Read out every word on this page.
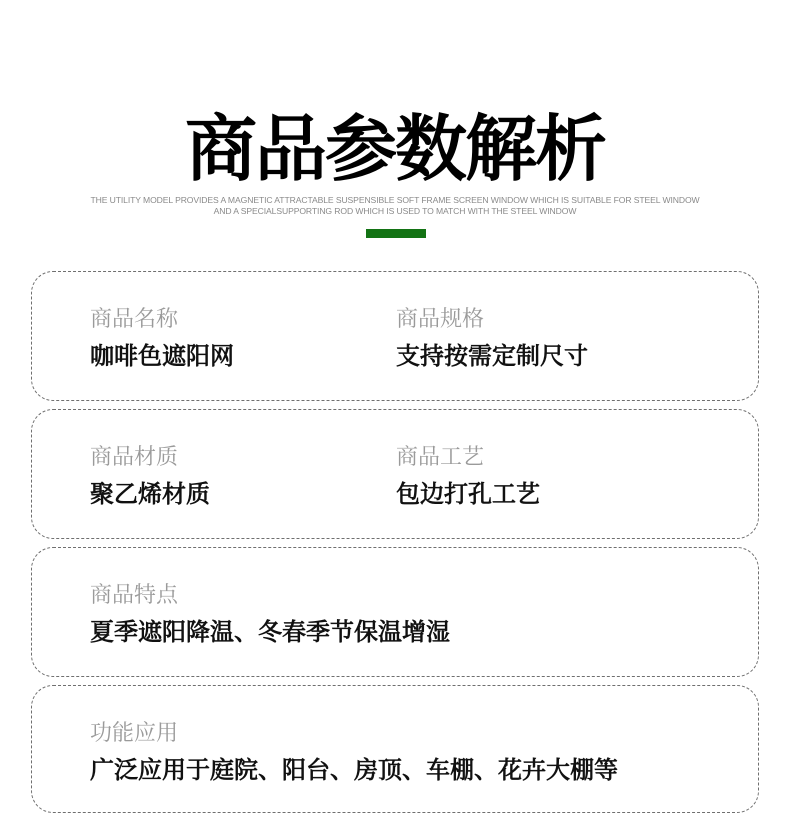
商品参数解析
THE UTILITY MODEL PROVIDES A MAGNETIC ATTRACTABLE SUSPENSIBLE SOFT FRAME SCREEN WINDOW WHICH IS SUITABLE FOR STEEL WINDOW
AND A SPECIALSUPPORTING ROD WHICH IS USED TO MATCH WITH THE STEEL WINDOW
商品名称
咖啡色遮阳网
商品规格
支持按需定制尺寸
商品材质
聚乙烯材质
商品工艺
包边打孔工艺
商品特点
夏季遮阳降温、冬春季节保温增湿
功能应用
广泛应用于庭院、阳台、房顶、车棚、花卉大棚等
